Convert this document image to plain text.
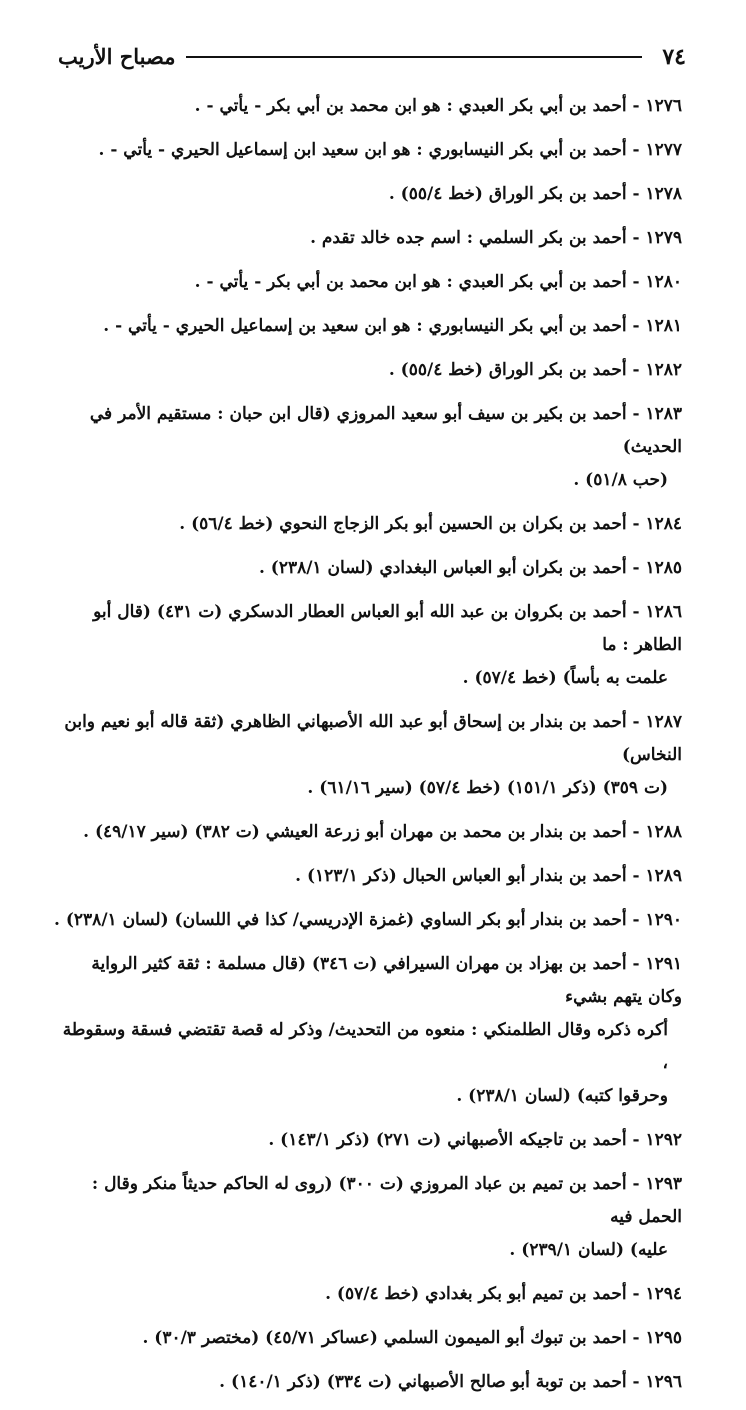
٧٤
مصباح الأريب
١٢٧٦ - أحمد بن أبي بكر العبدي : هو ابن محمد بن أبي بكر - يأتي - .
١٢٧٧ - أحمد بن أبي بكر النيسابوري : هو ابن سعيد ابن إسماعيل الحيري - يأتي - .
١٢٧٨ - أحمد بن بكر الوراق (خط ٥٥/٤) .
١٢٧٩ - أحمد بن بكر السلمي : اسم جده خالد تقدم .
١٢٨٠ - أحمد بن أبي بكر العبدي : هو ابن محمد بن أبي بكر - يأتي - .
١٢٨١ - أحمد بن أبي بكر النيسابوري : هو ابن سعيد بن إسماعيل الحيري - يأتي - .
١٢٨٢ - أحمد بن بكر الوراق (خط ٥٥/٤) .
١٢٨٣ - أحمد بن بكير بن سيف أبو سعيد المروزي (قال ابن حبان : مستقيم الأمر في الحديث)
(حب ٥١/٨) .
١٢٨٤ - أحمد بن بكران بن الحسين أبو بكر الزجاج النحوي (خط ٥٦/٤) .
١٢٨٥ - أحمد بن بكران أبو العباس البغدادي (لسان ٢٣٨/١) .
١٢٨٦ - أحمد بن بكروان بن عبد الله أبو العباس العطار الدسكري (ت ٤٣١) (قال أبو الطاهر : ما
علمت به بأساً) (خط ٥٧/٤) .
١٢٨٧ - أحمد بن بندار بن إسحاق أبو عبد الله الأصبهاني الظاهري (ثقة قاله أبو نعيم وابن النخاس)
(ت ٣٥٩) (ذكر ١٥١/١) (خط ٥٧/٤) (سير ٦١/١٦) .
١٢٨٨ - أحمد بن بندار بن محمد بن مهران أبو زرعة العيشي (ت ٣٨٢) (سير ٤٩/١٧) .
١٢٨٩ - أحمد بن بندار أبو العباس الحبال (ذكر ١٢٣/١) .
١٢٩٠ - أحمد بن بندار أبو بكر الساوي (غمزة الإدريسي/ كذا في اللسان) (لسان ٢٣٨/١) .
١٢٩١ - أحمد بن بهزاد بن مهران السيرافي (ت ٣٤٦) (قال مسلمة : ثقة كثير الرواية وكان يتهم بشيء
أكره ذكره وقال الطلمنكي : منعوه من التحديث/ وذكر له قصة تقتضي فسقة وسقوطة ،
وحرقوا كتبه) (لسان ٢٣٨/١) .
١٢٩٢ - أحمد بن تاجيكه الأصبهاني (ت ٢٧١) (ذكر ١٤٣/١) .
١٢٩٣ - أحمد بن تميم بن عباد المروزي (ت ٣٠٠) (روى له الحاكم حديثاً منكر وقال : الحمل فيه
عليه) (لسان ٢٣٩/١) .
١٢٩٤ - أحمد بن تميم أبو بكر بغدادي (خط ٥٧/٤) .
١٢٩٥ - احمد بن تبوك أبو الميمون السلمي (عساكر ٤٥/٧١) (مختصر ٣٠/٣) .
١٢٩٦ - أحمد بن توبة أبو صالح الأصبهاني (ت ٣٣٤) (ذكر ١٤٠/١) .
